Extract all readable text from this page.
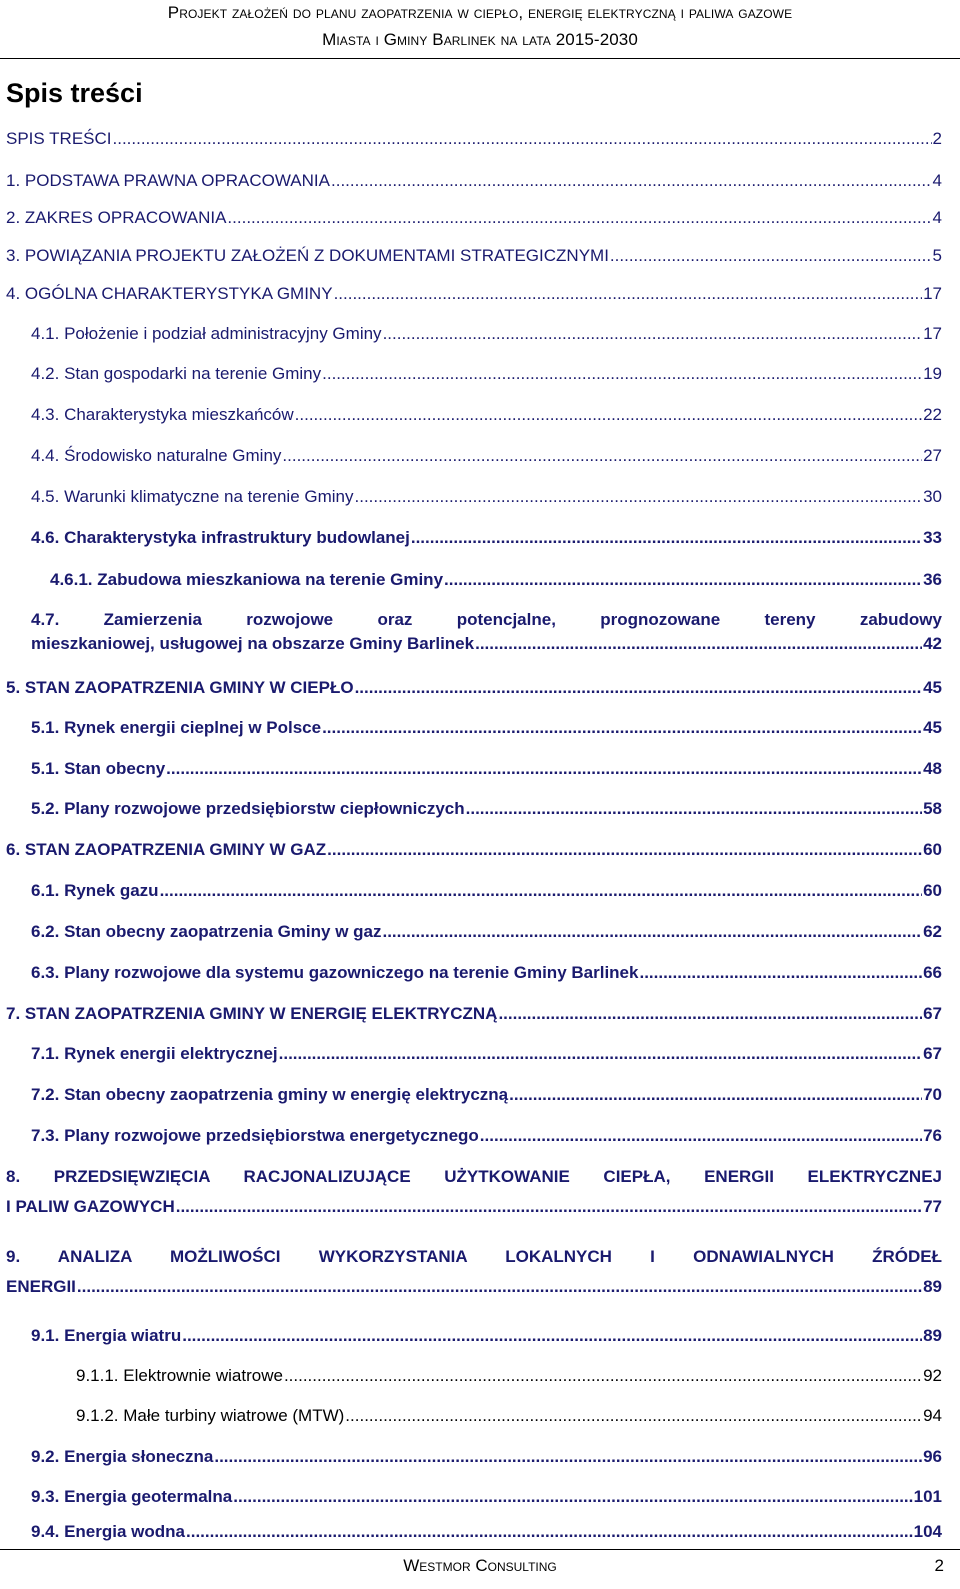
Projekt założeń do planu zaopatrzenia w ciepło, energię elektryczną i paliwa gazowe
Miasta i Gminy Barlinek na lata 2015-2030
Spis treści
SPIS TREŚCI .....	2
1. PODSTAWA PRAWNA OPRACOWANIA .....	4
2. ZAKRES OPRACOWANIA .....	4
3. POWIĄZANIA PROJEKTU ZAŁOŻEŃ Z DOKUMENTAMI STRATEGICZNYMI .....	5
4. OGÓLNA CHARAKTERYSTYKA GMINY .....	17
4.1. Położenie i podział administracyjny Gminy .....	17
4.2. Stan gospodarki na terenie Gminy .....	19
4.3. Charakterystyka mieszkańców .....	22
4.4. Środowisko naturalne Gminy .....	27
4.5. Warunki klimatyczne na terenie Gminy .....	30
4.6. Charakterystyka infrastruktury budowlanej .....	33
4.6.1. Zabudowa mieszkaniowa na terenie Gminy .....	36
4.7. Zamierzenia rozwojowe oraz potencjalne, prognozowane tereny zabudowy
mieszkaniowej, usługowej na obszarze Gminy Barlinek .....	42
5. STAN ZAOPATRZENIA GMINY W CIEPŁO .....	45
5.1. Rynek energii cieplnej w Polsce .....	45
5.1. Stan obecny .....	48
5.2. Plany rozwojowe przedsiębiorstw ciepłowniczych .....	58
6. STAN ZAOPATRZENIA GMINY W GAZ .....	60
6.1. Rynek gazu .....	60
6.2. Stan obecny zaopatrzenia Gminy w gaz .....	62
6.3. Plany rozwojowe dla systemu gazowniczego na terenie Gminy Barlinek .....	66
7. STAN ZAOPATRZENIA GMINY W ENERGIĘ ELEKTRYCZNĄ .....	67
7.1. Rynek energii elektrycznej .....	67
7.2. Stan obecny zaopatrzenia gminy w energię elektryczną .....	70
7.3. Plany rozwojowe przedsiębiorstwa energetycznego .....	76
8. PRZEDSIĘWZIĘCIA RACJONALIZUJĄCE UŻYTKOWANIE CIEPŁA, ENERGII ELEKTRYCZNEJ
I PALIW GAZOWYCH .....	77
9. ANALIZA MOŻLIWOŚCI WYKORZYSTANIA LOKALNYCH I ODNAWIALNYCH ŹRÓDEŁ
ENERGII .....	89
9.1. Energia wiatru .....	89
9.1.1. Elektrownie wiatrowe .....	92
9.1.2. Małe turbiny wiatrowe (MTW) .....	94
9.2. Energia słoneczna .....	96
9.3. Energia geotermalna .....	101
9.4. Energia wodna .....	104
Westmor Consulting	2
